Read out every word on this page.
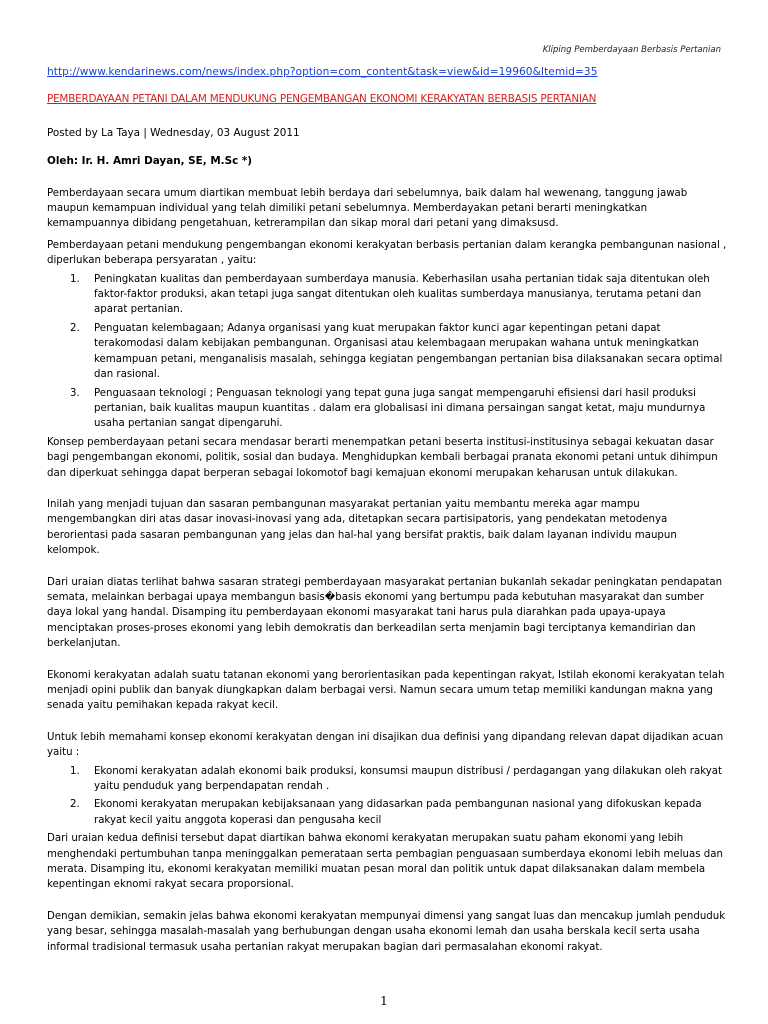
Kliping Pemberdayaan Berbasis Pertanian
http://www.kendarinews.com/news/index.php?option=com_content&task=view&id=19960&Itemid=35
PEMBERDAYAAN PETANI DALAM MENDUKUNG PENGEMBANGAN EKONOMI KERAKYATAN BERBASIS PERTANIAN
Posted by La Taya | Wednesday, 03 August 2011
Oleh: Ir. H. Amri Dayan, SE, M.Sc *)

Pemberdayaan secara umum diartikan membuat lebih berdaya dari sebelumnya, baik dalam hal wewenang, tanggung jawab maupun kemampuan individual yang telah dimiliki petani sebelumnya. Memberdayakan petani berarti meningkatkan kemampuannya dibidang pengetahuan, ketrerampilan dan sikap moral dari petani yang dimaksusd.

Pemberdayaan petani mendukung pengembangan ekonomi kerakyatan berbasis pertanian dalam kerangka pembangunan nasional , diperlukan beberapa persyaratan , yaitu:

1. Peningkatan kualitas dan pemberdayaan sumberdaya manusia. Keberhasilan usaha pertanian tidak saja ditentukan oleh faktor-faktor produksi, akan tetapi juga sangat ditentukan oleh kualitas sumberdaya manusianya, terutama petani dan aparat pertanian.
2. Penguatan kelembagaan; Adanya organisasi yang kuat merupakan faktor kunci agar kepentingan petani dapat terakomodasi dalam kebijakan pembangunan. Organisasi atau kelembagaan merupakan wahana untuk meningkatkan kemampuan petani, menganalisis masalah, sehingga kegiatan pengembangan pertanian bisa dilaksanakan secara optimal dan rasional.
3. Penguasaan teknologi ; Penguasan teknologi yang tepat guna juga sangat mempengaruhi efisiensi dari hasil produksi pertanian, baik kualitas maupun kuantitas . dalam era globalisasi ini dimana persaingan sangat ketat, maju mundurnya usaha pertanian sangat dipengaruhi.

Konsep pemberdayaan petani secara mendasar berarti menempatkan petani beserta institusi-institusinya sebagai kekuatan dasar bagi pengembangan ekonomi, politik, sosial dan budaya. Menghidupkan kembali berbagai pranata ekonomi petani untuk dihimpun dan diperkuat sehingga dapat berperan sebagai lokomotof bagi kemajuan ekonomi merupakan keharusan untuk dilakukan.

Inilah yang menjadi tujuan dan sasaran pembangunan masyarakat pertanian yaitu membantu mereka agar mampu mengembangkan diri atas dasar inovasi-inovasi yang ada, ditetapkan secara partisipatoris, yang pendekatan metodenya berorientasi pada sasaran pembangunan yang jelas dan hal-hal yang bersifat praktis, baik dalam layanan individu maupun kelompok.

Dari uraian diatas terlihat bahwa sasaran strategi pemberdayaan masyarakat pertanian bukanlah sekadar peningkatan pendapatan semata, melainkan berbagai upaya membangun basis�basis ekonomi yang bertumpu pada kebutuhan masyarakat dan sumber daya lokal yang handal. Disamping itu pemberdayaan ekonomi masyarakat tani harus pula diarahkan pada upaya-upaya menciptakan proses-proses ekonomi yang lebih demokratis dan berkeadilan serta menjamin bagi terciptanya kemandirian dan berkelanjutan.

Ekonomi kerakyatan adalah suatu tatanan ekonomi yang berorientasikan pada kepentingan rakyat, Istilah ekonomi kerakyatan telah menjadi opini publik dan banyak diungkapkan dalam berbagai versi. Namun secara umum tetap memiliki kandungan makna yang senada yaitu pemihakan kepada rakyat kecil.

Untuk lebih memahami konsep ekonomi kerakyatan dengan ini disajikan dua definisi yang dipandang relevan dapat dijadikan acuan yaitu :

1. Ekonomi kerakyatan adalah ekonomi baik produksi, konsumsi maupun distribusi / perdagangan yang dilakukan oleh rakyat yaitu penduduk yang berpendapatan rendah .
2. Ekonomi kerakyatan merupakan kebijaksanaan yang didasarkan pada pembangunan nasional yang difokuskan kepada rakyat kecil yaitu anggota koperasi dan pengusaha kecil

Dari uraian kedua definisi tersebut dapat diartikan bahwa ekonomi kerakyatan merupakan suatu paham ekonomi yang lebih menghendaki pertumbuhan tanpa meninggalkan pemerataan serta pembagian penguasaan sumberdaya ekonomi lebih meluas dan merata. Disamping itu, ekonomi kerakyatan memiliki muatan pesan moral dan politik untuk dapat dilaksanakan dalam membela kepentingan eknomi rakyat secara proporsional.

Dengan demikian, semakin jelas bahwa ekonomi kerakyatan mempunyai dimensi yang sangat luas dan mencakup jumlah penduduk yang besar, sehingga masalah-masalah yang berhubungan dengan usaha ekonomi lemah dan usaha berskala kecil serta usaha informal tradisional termasuk usaha pertanian rakyat merupakan bagian dari permasalahan ekonomi rakyat.

1
